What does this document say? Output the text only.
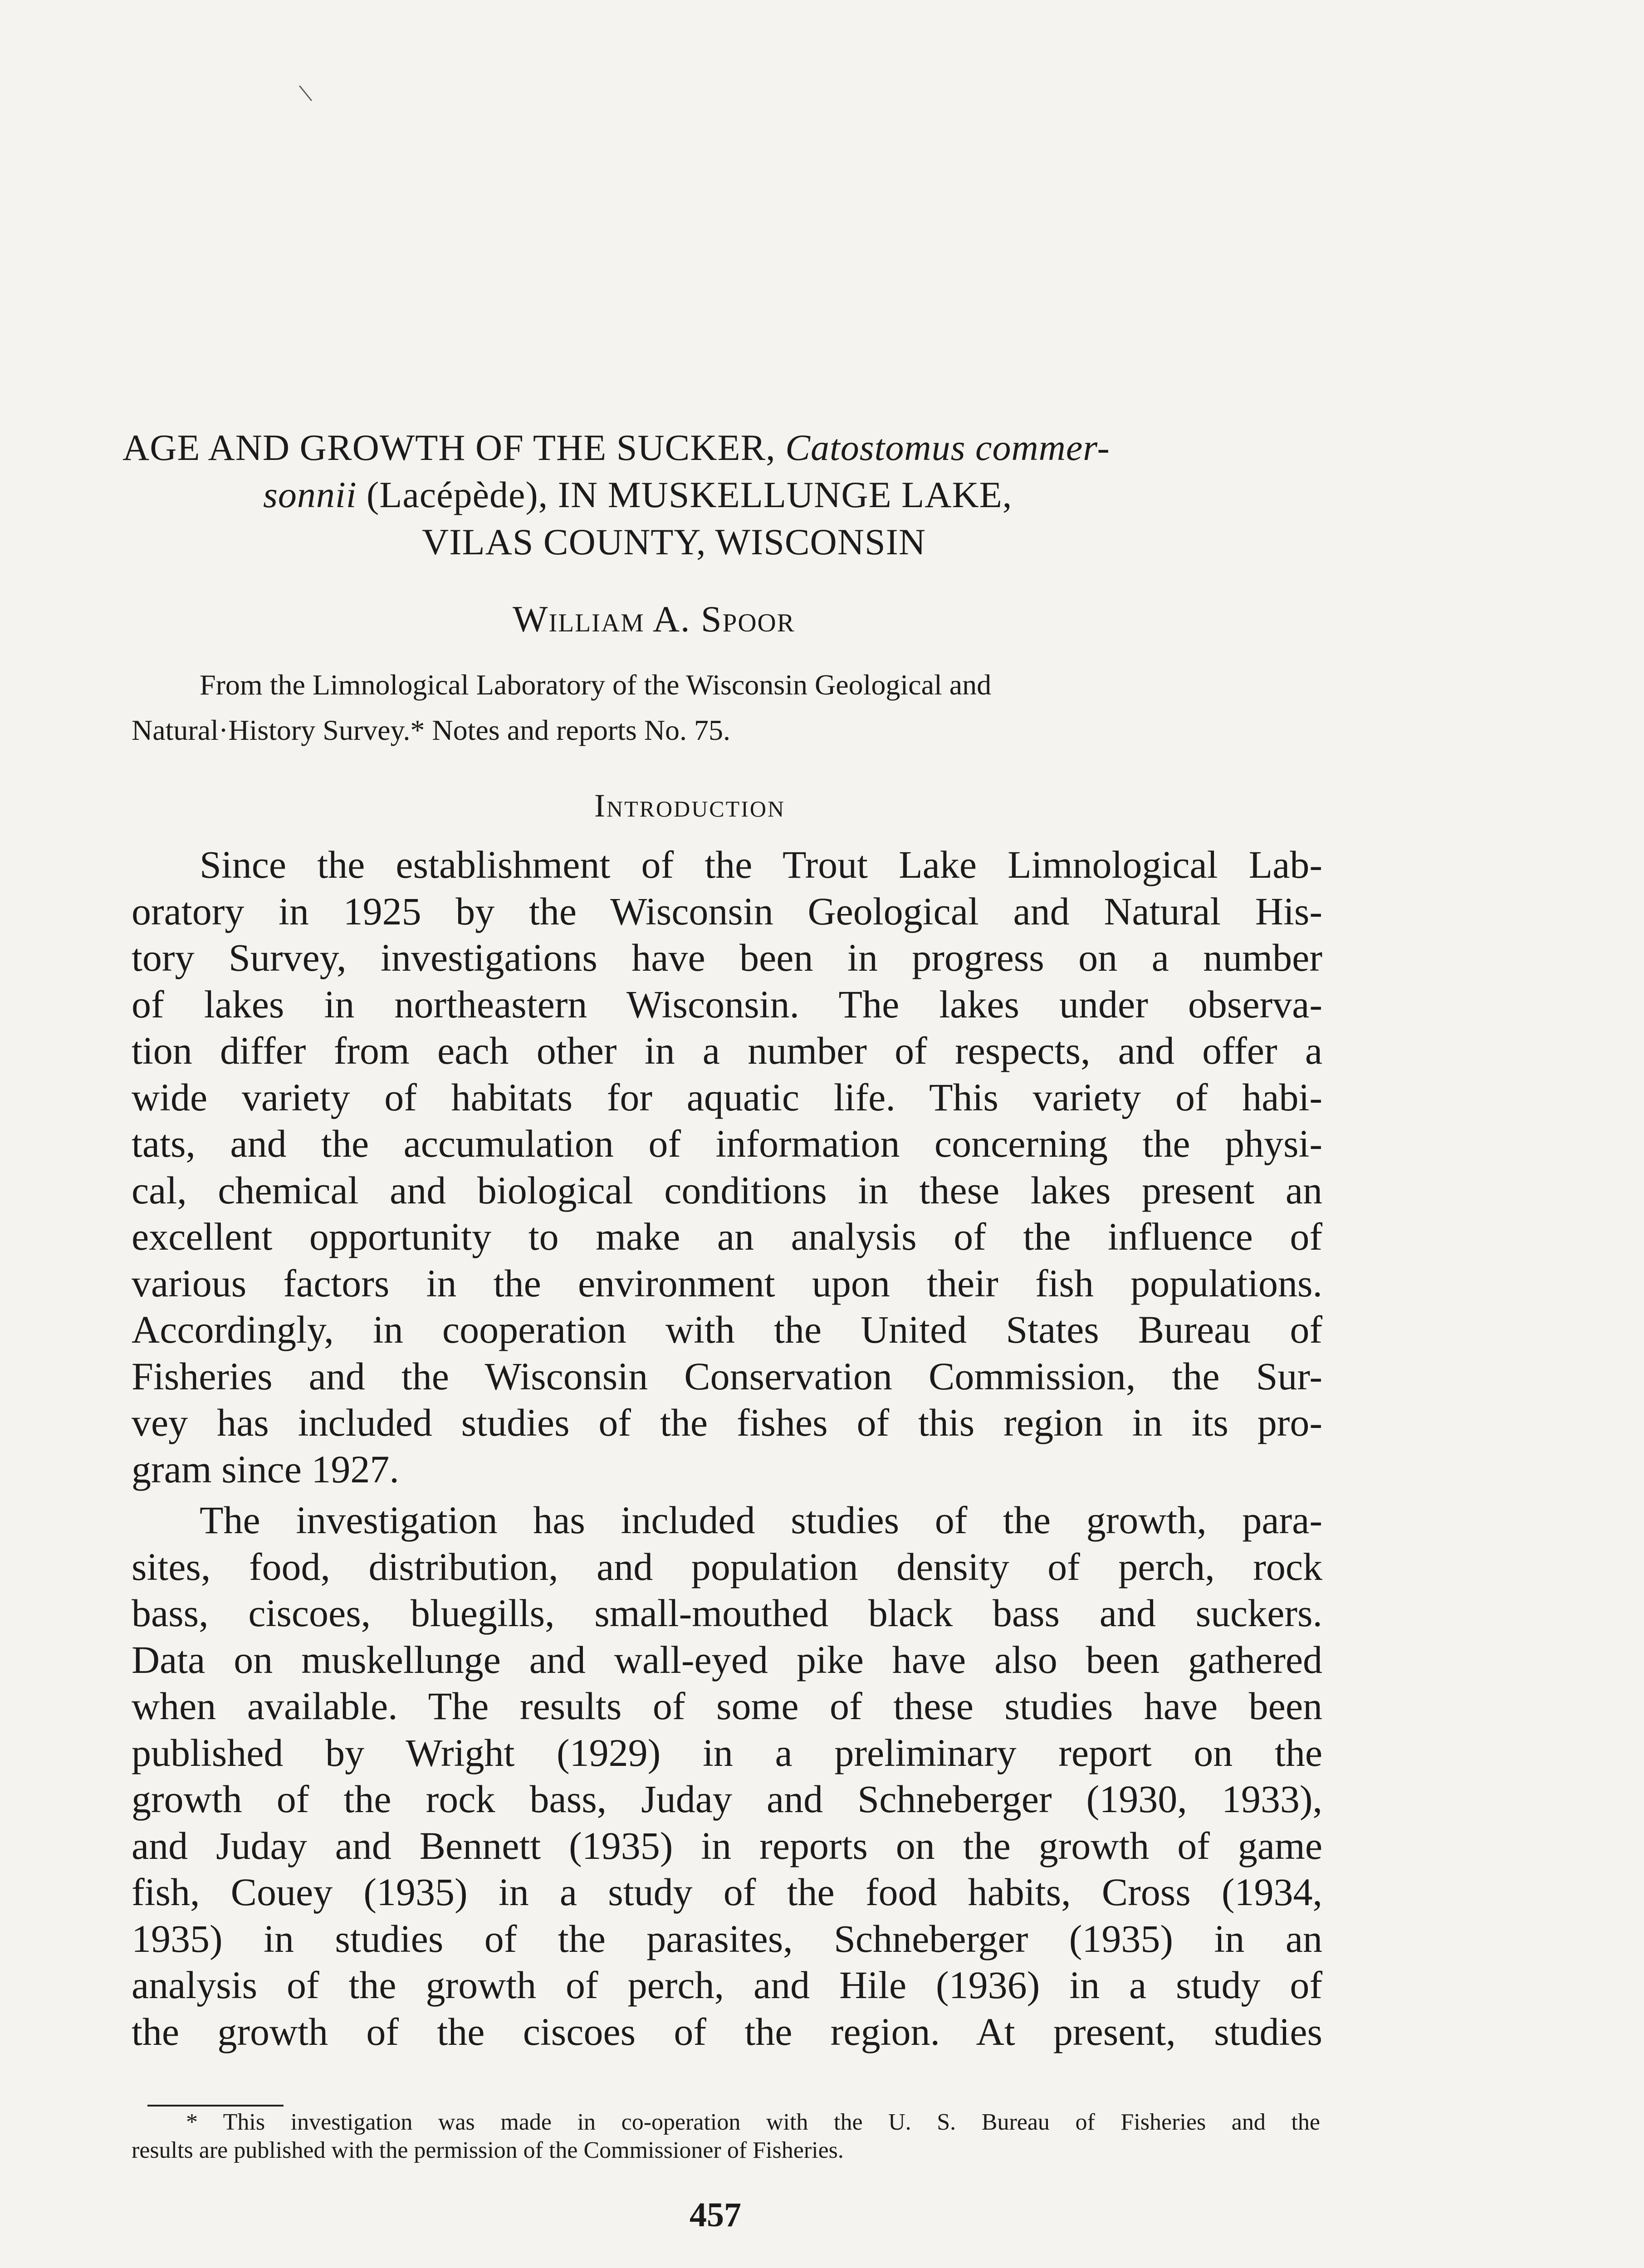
\
AGE AND GROWTH OF THE SUCKER, Catostomus commer-
sonnii (Lacépède), IN MUSKELLUNGE LAKE,
VILAS COUNTY, WISCONSIN
William A. Spoor
From the Limnological Laboratory of the Wisconsin Geological and
Natural·History Survey.* Notes and reports No. 75.
Introduction
Since the establishment of the Trout Lake Limnological Lab-
oratory in 1925 by the Wisconsin Geological and Natural His-
tory Survey, investigations have been in progress on a number
of lakes in northeastern Wisconsin. The lakes under observa-
tion differ from each other in a number of respects, and offer a
wide variety of habitats for aquatic life. This variety of habi-
tats, and the accumulation of information concerning the physi-
cal, chemical and biological conditions in these lakes present an
excellent opportunity to make an analysis of the influence of
various factors in the environment upon their fish populations.
Accordingly, in cooperation with the United States Bureau of
Fisheries and the Wisconsin Conservation Commission, the Sur-
vey has included studies of the fishes of this region in its pro-
gram since 1927.
The investigation has included studies of the growth, para-
sites, food, distribution, and population density of perch, rock
bass, ciscoes, bluegills, small-mouthed black bass and suckers.
Data on muskellunge and wall-eyed pike have also been gathered
when available. The results of some of these studies have been
published by Wright (1929) in a preliminary report on the
growth of the rock bass, Juday and Schneberger (1930, 1933),
and Juday and Bennett (1935) in reports on the growth of game
fish, Couey (1935) in a study of the food habits, Cross (1934,
1935) in studies of the parasites, Schneberger (1935) in an
analysis of the growth of perch, and Hile (1936) in a study of
the growth of the ciscoes of the region. At present, studies
* This investigation was made in co-operation with the U. S. Bureau of Fisheries and the
results are published with the permission of the Commissioner of Fisheries.
457
